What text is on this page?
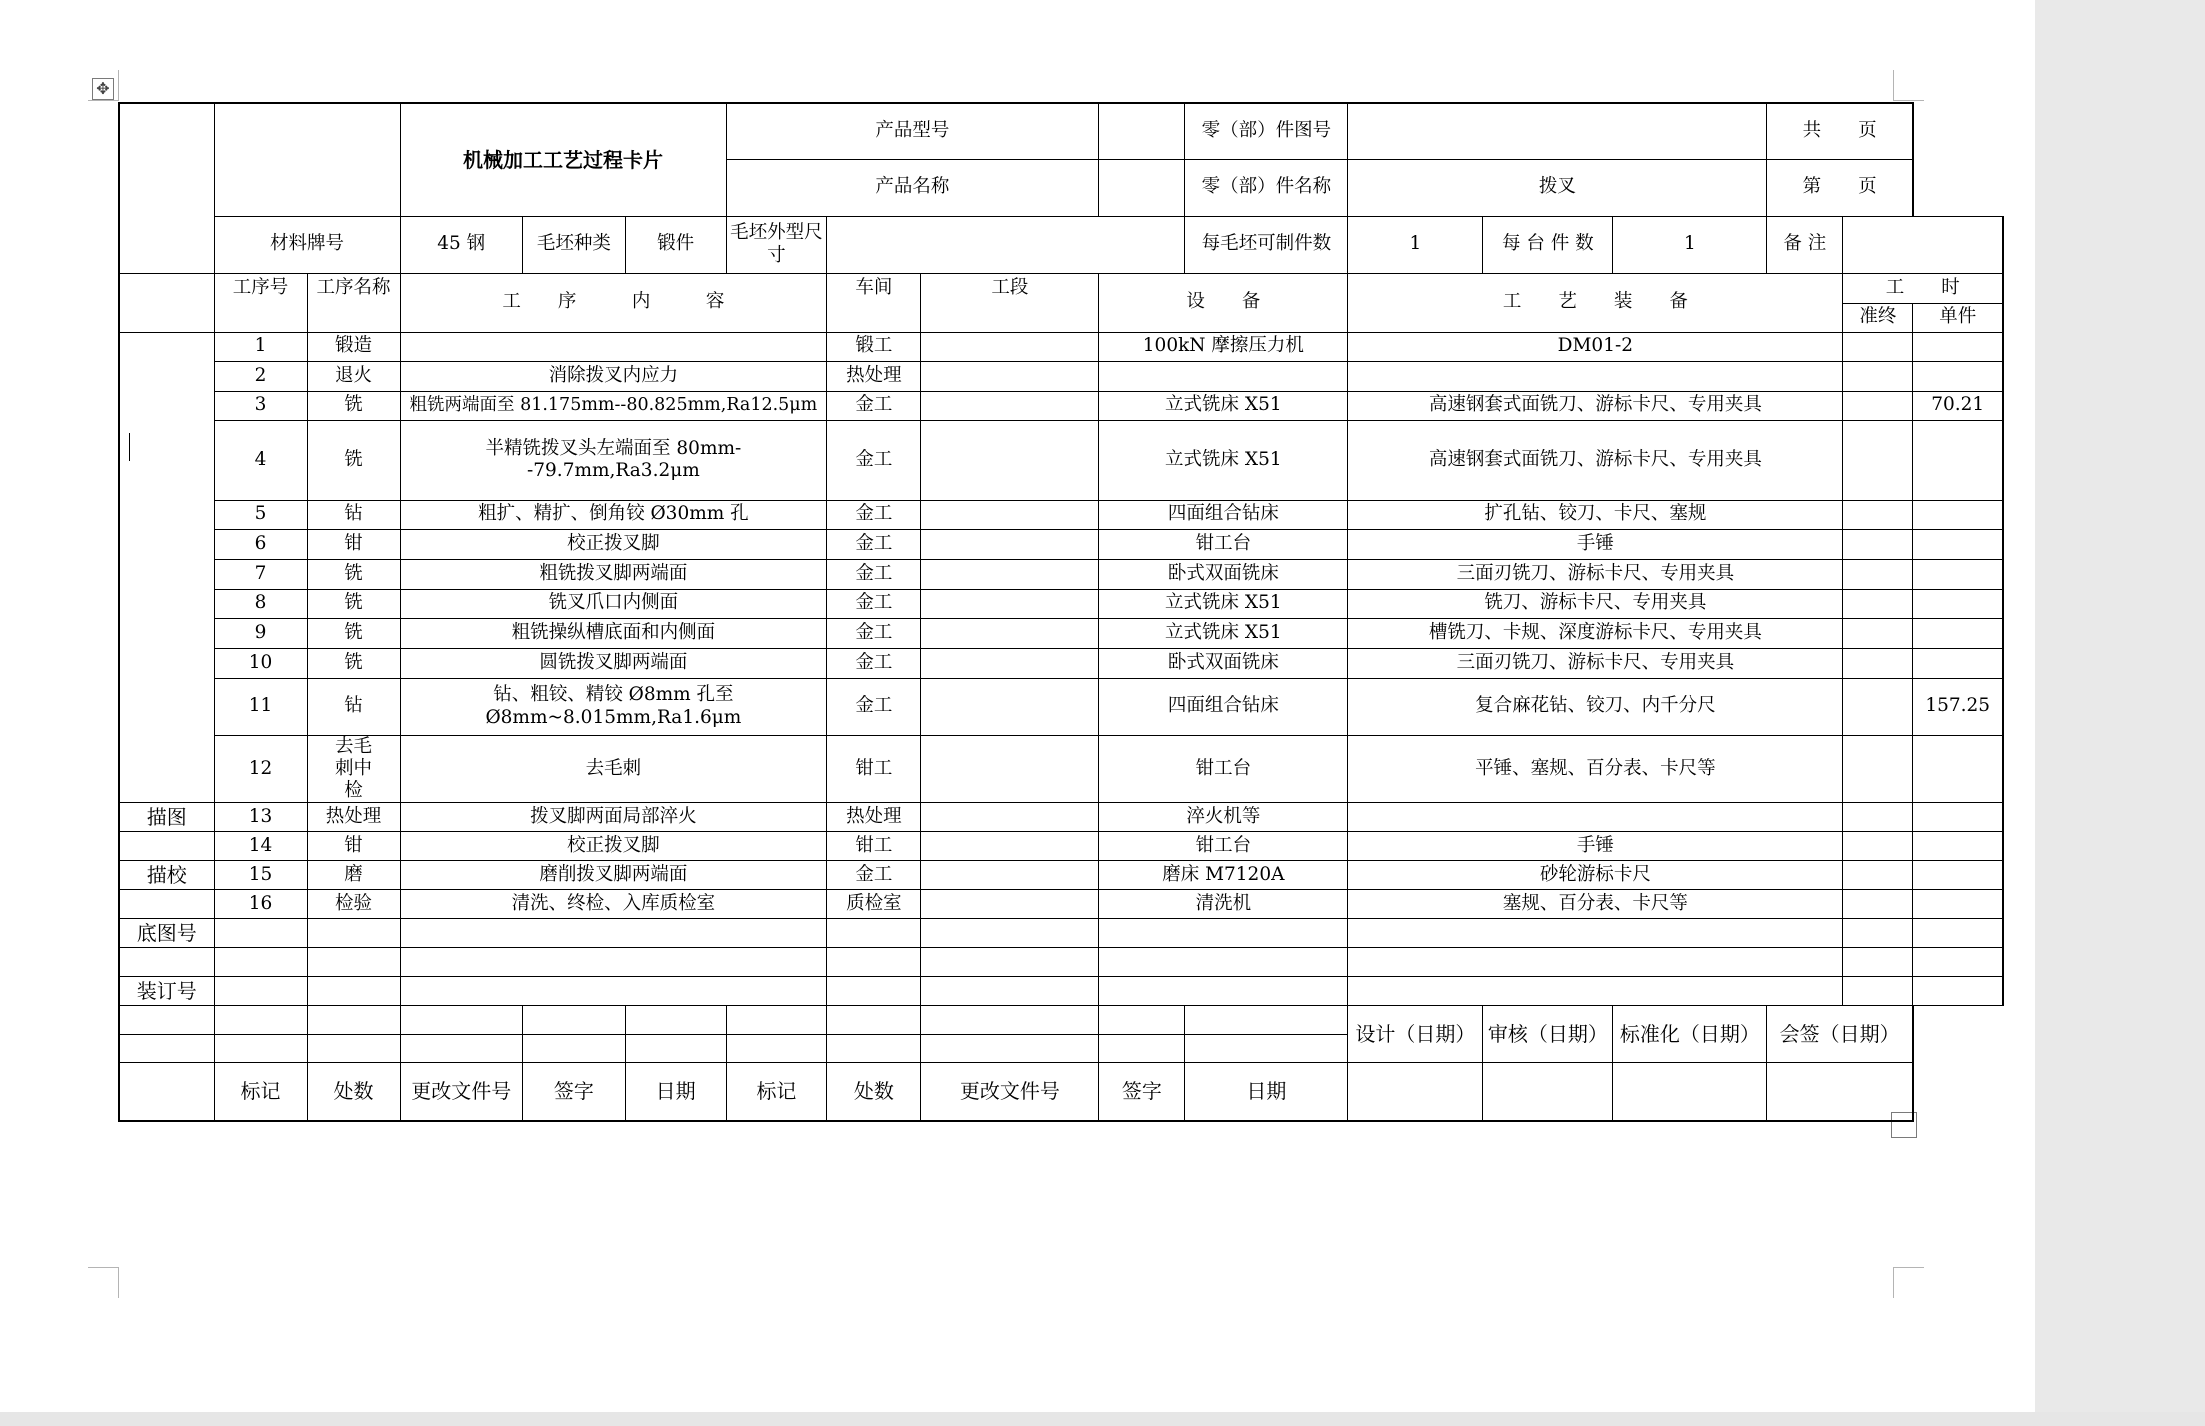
✥
			机械加工工艺过程卡片			产品型号				零（部）件图号				共　　页		
						产品名称				零（部）件名称	拨叉			第　　页		
	材料牌号		45 钢	毛坯种类	锻件	毛坯外型尺寸				每毛坯可制件数	1	每 台 件 数	1	备 注		
	工序号	工序名称	工　　序　　　内　　　容				车间	工段	设　　备		工　　艺　　装　　备				工　　时	
															准终	单件
	1	锻造					锻工		100kN 摩擦压力机		DM01-2					
	2	退火	消除拨叉内应力				热处理									
	3	铣	粗铣两端面至 81.175mm--80.825mm,Ra12.5μm				金工		立式铣床 X51		高速钢套式面铣刀、游标卡尺、专用夹具					70.21
	4	铣	半精铣拨叉头左端面至 80mm--79.7mm,Ra3.2μm				金工		立式铣床 X51		高速钢套式面铣刀、游标卡尺、专用夹具					
	5	钻	粗扩、精扩、倒角铰 Ø30mm 孔				金工		四面组合钻床		扩孔钻、铰刀、卡尺、塞规					
	6	钳	校正拨叉脚				金工		钳工台		手锤					
	7	铣	粗铣拨叉脚两端面				金工		卧式双面铣床		三面刃铣刀、游标卡尺、专用夹具					
	8	铣	铣叉爪口内侧面				金工		立式铣床 X51		铣刀、游标卡尺、专用夹具					
	9	铣	粗铣操纵槽底面和内侧面				金工		立式铣床 X51		槽铣刀、卡规、深度游标卡尺、专用夹具					
	10	铣	圆铣拨叉脚两端面				金工		卧式双面铣床		三面刃铣刀、游标卡尺、专用夹具					
	11	钻	钻、粗铰、精铰 Ø8mm 孔至 Ø8mm~8.015mm,Ra1.6μm				金工		四面组合钻床		复合麻花钻、铰刀、内千分尺					157.25
	12	去毛刺中检	去毛刺				钳工		钳工台		平锤、塞规、百分表、卡尺等					
描图	13	热处理	拨叉脚两面局部淬火				热处理		淬火机等							
	14	钳	校正拨叉脚				钳工		钳工台		手锤					
描校	15	磨	磨削拨叉脚两端面				金工		磨床 M7120A		砂轮游标卡尺					
	16	检验	清洗、终检、入库质检室				质检室		清洗机		塞规、百分表、卡尺等					
底图号																

装订号																
											设计（日期）	审核（日期）	标准化（日期）	会签（日期）		

	标记	处数	更改文件号	签字	日期	标记	处数	更改文件号	签字	日期						
